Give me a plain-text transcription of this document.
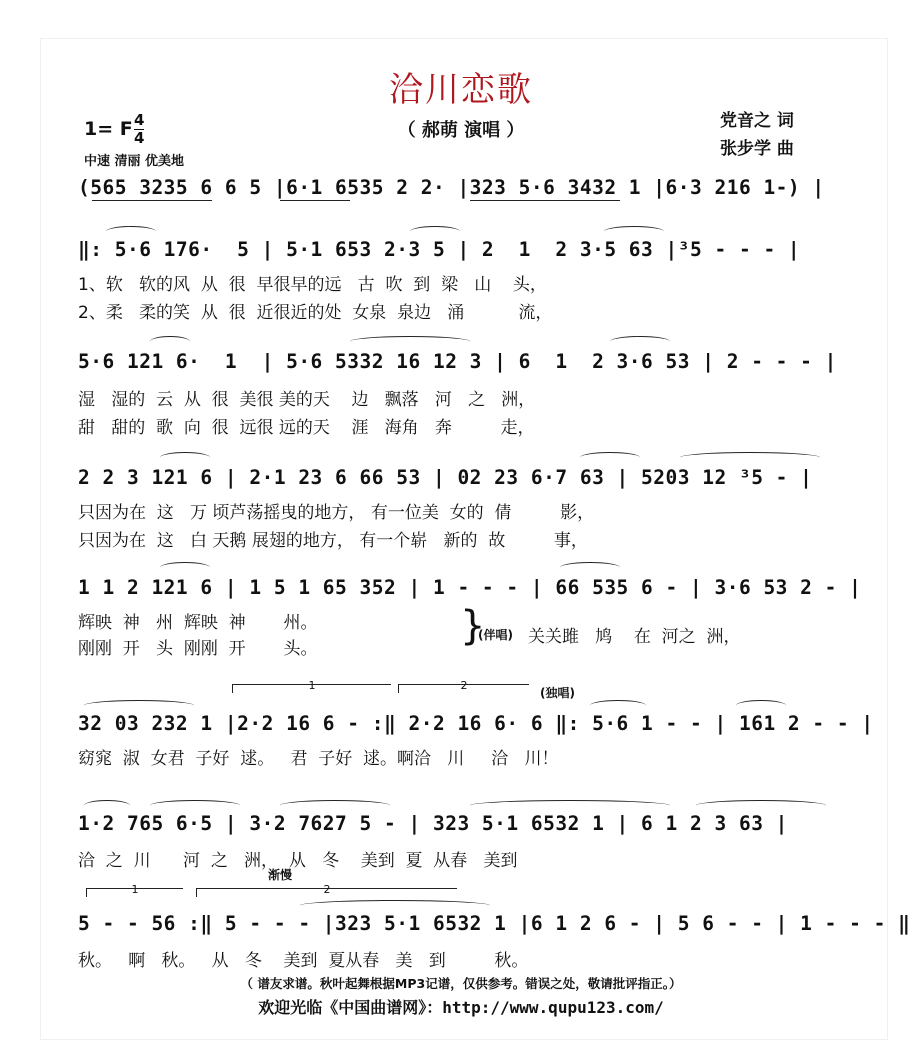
洽川恋歌
（ 郝萌 演唱 ）	党音之 词
张步学 曲
1= F $\frac{4}{4}$
中速 清丽 优美地
(565 3235 6 6 5 |6·1 6535 2 2· |323 5·6 3432 1 |6·3 216 1-) |
‖: 5·6 176·  5 | 5·1 653 2·3 5 | 2  1  2 3·5 63 |³5 - - - |
1、软   软的风  从  很  早很早的远   古  吹  到  梁   山    头，
2、柔   柔的笑  从  很  近很近的处  女泉  泉边   涌          流，
5·6 121 6·  1  | 5·6 5332 16 12 3 | 6  1  2 3·6 53 | 2 - - - |
湿   湿的  云  从  很  美很 美的天    边   飘落   河   之   洲，
甜   甜的  歌  向  很  远很 远的天    涯   海角   奔         走，
2 2 3 121 6 | 2·1 23 6 66 53 | 02 23 6·7 63 | 5203 12 ³5 - |
只因为在  这   万 顷芦荡摇曳的地方， 有一位美  女的  倩         影，
只因为在  这   白 天鹅 展翅的地方， 有一个崭   新的  故         事，
1 1 2 121 6 | 1 5 1 65 352 | 1 - - - | 66 535 6 - | 3·6 53 2 - |
辉映  神   州  辉映  神       州。
刚刚  开   头  刚刚  开       头。	}
(伴唱) 关关雎   鸠    在  河之  洲，
1	2
(独唱)
32 03 232 1 |2·2 16 6 - :‖ 2·2 16 6· 6 ‖: 5·6 1 - - | 161 2 - - |
窈窕  淑  女君  子好  逑。   君  子好  逑。啊洽   川     洽   川！
1·2 765 6·5 | 3·2 7627 5 - | 323 5·1 6532 1 | 6 1 2 3 63 |
洽  之  川      河  之   洲，  从   冬    美到  夏  从春   美到
1	2
渐慢
5 - - 56 :‖ 5 - - - |323 5·1 6532 1 |6 1 2 6 - | 5 6 - - | 1 - - - ‖
秋。   啊   秋。   从   冬    美到  夏从春   美   到         秋。
（ 谱友求谱。秋叶起舞根据MP3记谱，仅供参考。错误之处，敬请批评指正。）
欢迎光临《中国曲谱网》：http://www.qupu123.com/
